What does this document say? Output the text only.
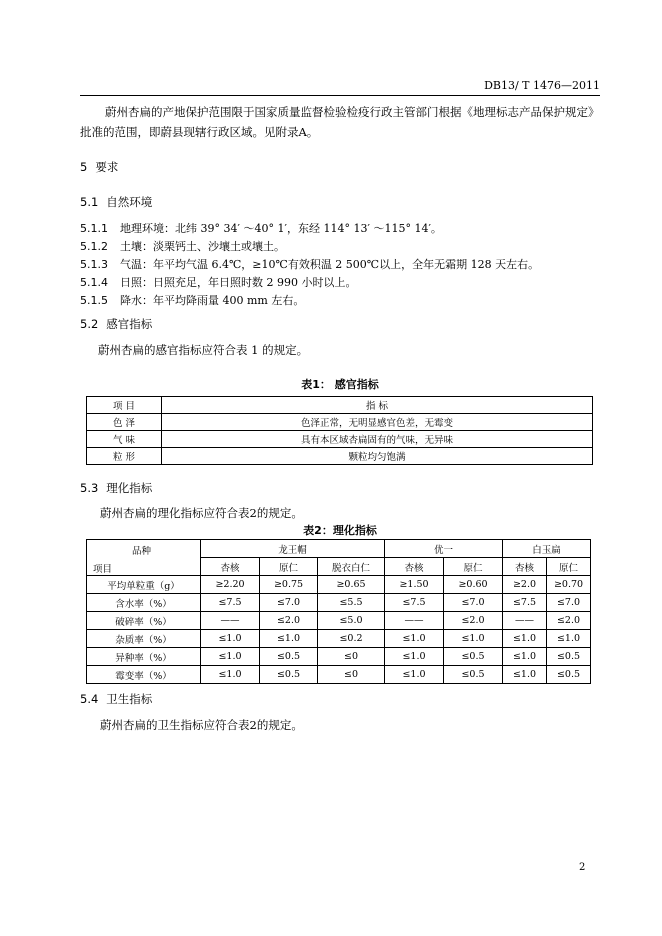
DB13/ T 1476—2011
蔚州杏扁的产地保护范围限于国家质量监督检验检疫行政主管部门根据《地理标志产品保护规定》
批准的范围，即蔚县现辖行政区域。见附录A。
5 要求
5.1 自然环境
5.1.1 地理环境：北纬 39° 34′ ～40° 1′，东经 114° 13′ ～115° 14′。
5.1.2 土壤：淡栗钙土、沙壤土或壤土。
5.1.3 气温：年平均气温 6.4℃，≥10℃有效积温 2 500℃以上，全年无霜期 128 天左右。
5.1.4 日照：日照充足，年日照时数 2 990 小时以上。
5.1.5 降水：年平均降雨量 400 mm 左右。
5.2 感官指标
蔚州杏扁的感官指标应符合表 1 的规定。
表1： 感官指标
项 目	指 标
色 泽	色泽正常，无明显感官色差，无霉变
气 味	具有本区域杏扁固有的气味，无异味
粒 形	颗粒均匀饱满
5.3 理化指标
蔚州杏扁的理化指标应符合表2的规定。
表2：理化指标
品种
项目	龙王帽			优一		白玉扁	
	杏核	原仁	脱衣白仁	杏核	原仁	杏核	原仁
平均单粒重（g）	≥2.20	≥0.75	≥0.65	≥1.50	≥0.60	≥2.0	≥0.70
含水率（%）	≤7.5	≤7.0	≤5.5	≤7.5	≤7.0	≤7.5	≤7.0
破碎率（%）	——	≤2.0	≤5.0	——	≤2.0	——	≤2.0
杂质率（%）	≤1.0	≤1.0	≤0.2	≤1.0	≤1.0	≤1.0	≤1.0
异种率（%）	≤1.0	≤0.5	≤0	≤1.0	≤0.5	≤1.0	≤0.5
霉变率（%）	≤1.0	≤0.5	≤0	≤1.0	≤0.5	≤1.0	≤0.5
5.4 卫生指标
蔚州杏扁的卫生指标应符合表2的规定。
2
